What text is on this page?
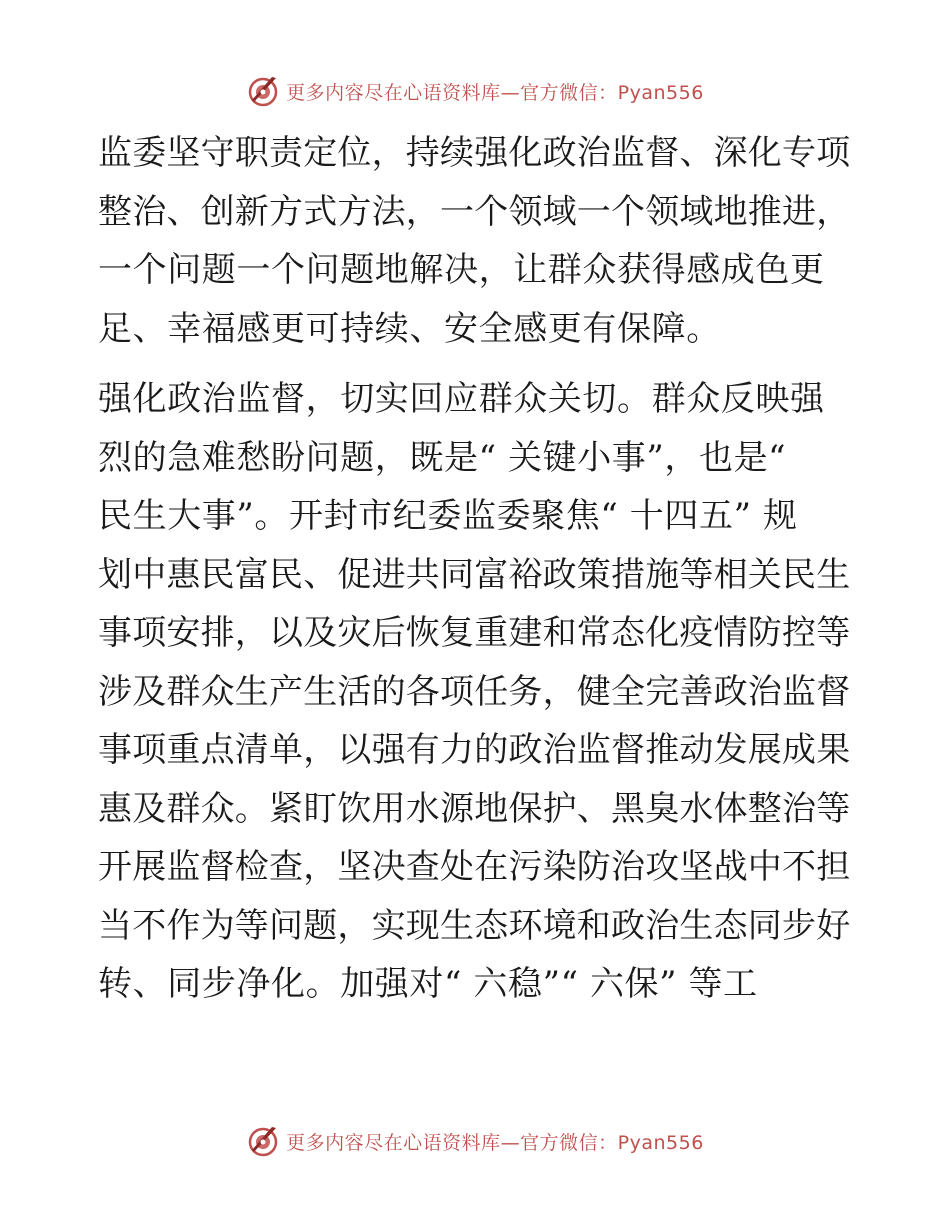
更多内容尽在心语资料库—官方微信：Pyan556

监委坚守职责定位，持续强化政治监督、深化专项
整治、创新方式方法，一个领域一个领域地推进，
一个问题一个问题地解决，让群众获得感成色更
足、幸福感更可持续、安全感更有保障。

强化政治监督，切实回应群众关切。群众反映强
烈的急难愁盼问题，既是“ 关键小事”，也是“
民生大事”。开封市纪委监委聚焦“ 十四五” 规
划中惠民富民、促进共同富裕政策措施等相关民生
事项安排，以及灾后恢复重建和常态化疫情防控等
涉及群众生产生活的各项任务，健全完善政治监督
事项重点清单，以强有力的政治监督推动发展成果
惠及群众。紧盯饮用水源地保护、黑臭水体整治等
开展监督检查，坚决查处在污染防治攻坚战中不担
当不作为等问题，实现生态环境和政治生态同步好
转、同步净化。加强对“ 六稳”“ 六保” 等工

更多内容尽在心语资料库—官方微信：Pyan556
